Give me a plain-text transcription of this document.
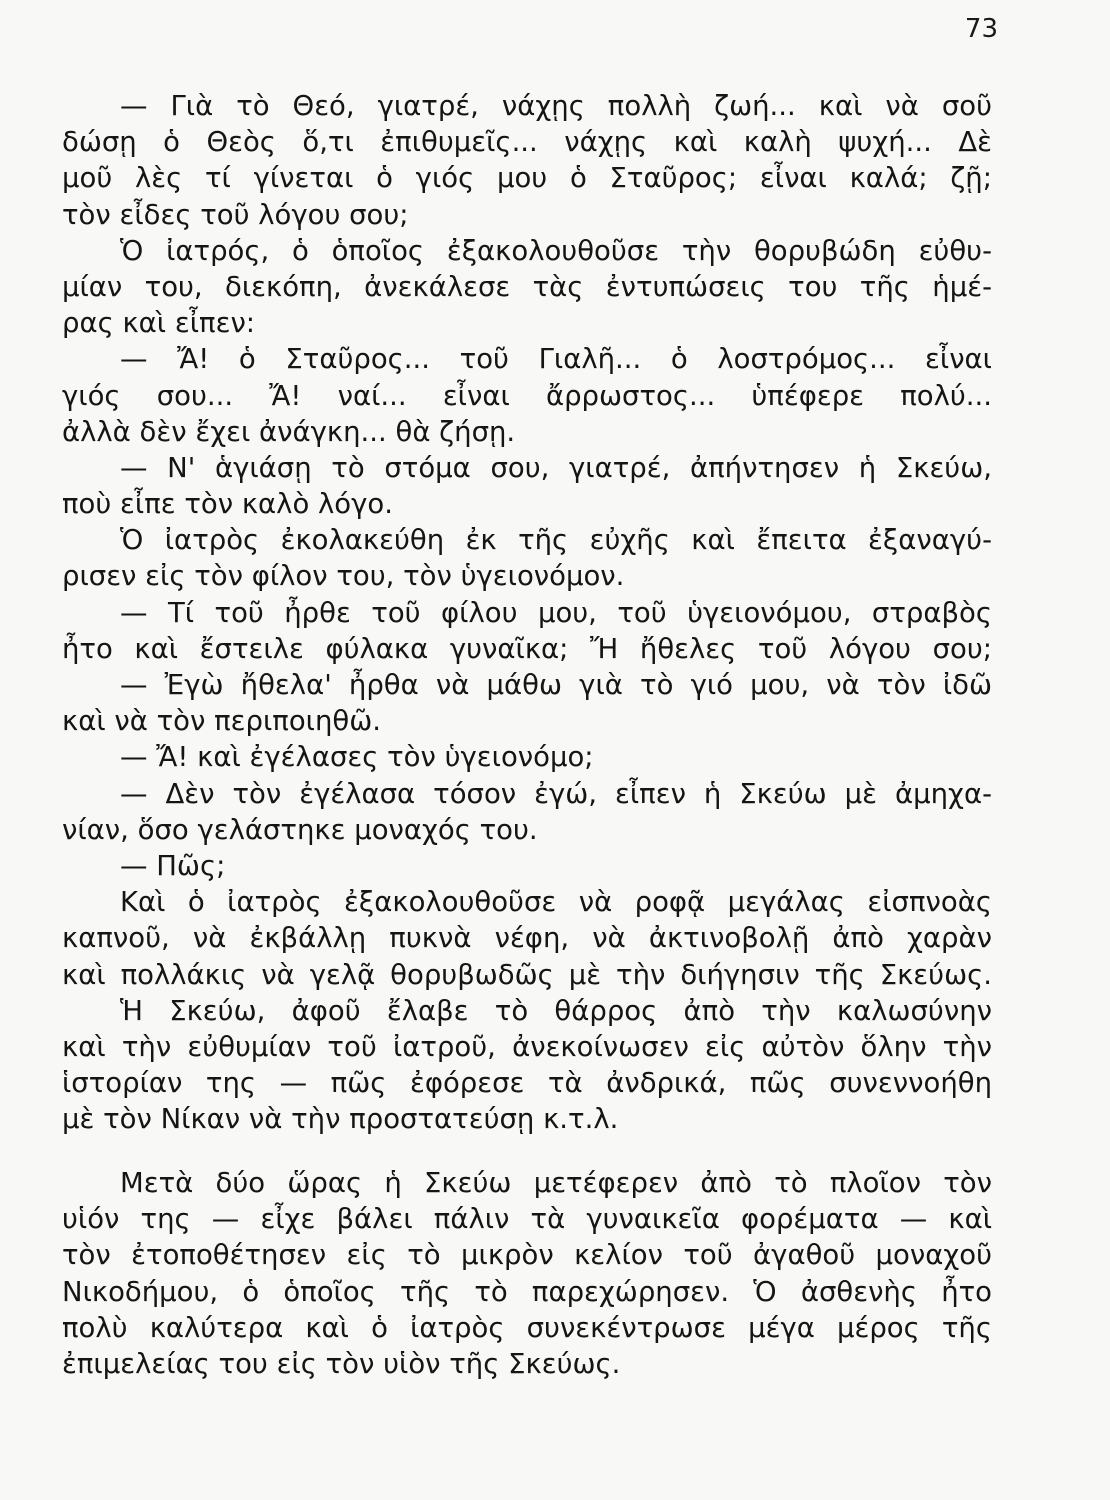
73
— Γιὰ τὸ Θεό, γιατρέ, νάχῃς πολλὴ ζωή... καὶ νὰ σοῦ
δώσῃ ὁ Θεὸς ὅ,τι ἐπιθυμεῖς... νάχῃς καὶ καλὴ ψυχή... Δὲ
μοῦ λὲς τί γίνεται ὁ γιός μου ὁ Σταῦρος; εἶναι καλά; ζῇ;
τὸν εἶδες τοῦ λόγου σου;
Ὁ ἰατρός, ὁ ὁποῖος ἐξακολουθοῦσε τὴν θορυβώδη εὐθυ-
μίαν του, διεκόπη, ἀνεκάλεσε τὰς ἐντυπώσεις του τῆς ἡμέ-
ρας καὶ εἶπεν:
— Ἄ! ὁ Σταῦρος... τοῦ Γιαλῆ... ὁ λοστρόμος... εἶναι
γιός σου... Ἄ! ναί... εἶναι ἄρρωστος... ὑπέφερε πολύ...
ἀλλὰ δὲν ἔχει ἀνάγκη... θὰ ζήσῃ.
— Ν' ἁγιάσῃ τὸ στόμα σου, γιατρέ, ἀπήντησεν ἡ Σκεύω,
ποὺ εἶπε τὸν καλὸ λόγο.
Ὁ ἰατρὸς ἐκολακεύθη ἐκ τῆς εὐχῆς καὶ ἔπειτα ἐξαναγύ-
ρισεν εἰς τὸν φίλον του, τὸν ὑγειονόμον.
— Τί τοῦ ἦρθε τοῦ φίλου μου, τοῦ ὑγειονόμου, στραβὸς
ἦτο καὶ ἔστειλε φύλακα γυναῖκα; Ἤ ἤθελες τοῦ λόγου σου;
— Ἐγὼ ἤθελα' ἦρθα νὰ μάθω γιὰ τὸ γιό μου, νὰ τὸν ἰδῶ
καὶ νὰ τὸν περιποιηθῶ.
— Ἄ! καὶ ἐγέλασες τὸν ὑγειονόμο;
— Δὲν τὸν ἐγέλασα τόσον ἐγώ, εἶπεν ἡ Σκεύω μὲ ἀμηχα-
νίαν, ὅσο γελάστηκε μοναχός του.
— Πῶς;
Καὶ ὁ ἰατρὸς ἐξακολουθοῦσε νὰ ροφᾷ μεγάλας εἰσπνοὰς
καπνοῦ, νὰ ἐκβάλλῃ πυκνὰ νέφη, νὰ ἀκτινοβολῇ ἀπὸ χαρὰν
καὶ πολλάκις νὰ γελᾷ θορυβωδῶς μὲ τὴν διήγησιν τῆς Σκεύως.
Ἡ Σκεύω, ἀφοῦ ἔλαβε τὸ θάρρος ἀπὸ τὴν καλωσύνην
καὶ τὴν εὐθυμίαν τοῦ ἰατροῦ, ἀνεκοίνωσεν εἰς αὐτὸν ὅλην τὴν
ἱστορίαν της — πῶς ἐφόρεσε τὰ ἀνδρικά, πῶς συνεννοήθη
μὲ τὸν Νίκαν νὰ τὴν προστατεύσῃ κ.τ.λ.
Μετὰ δύο ὥρας ἡ Σκεύω μετέφερεν ἀπὸ τὸ πλοῖον τὸν
υἱόν της — εἶχε βάλει πάλιν τὰ γυναικεῖα φορέματα — καὶ
τὸν ἐτοποθέτησεν εἰς τὸ μικρὸν κελίον τοῦ ἀγαθοῦ μοναχοῦ
Νικοδήμου, ὁ ὁποῖος τῆς τὸ παρεχώρησεν. Ὁ ἀσθενὴς ἦτο
πολὺ καλύτερα καὶ ὁ ἰατρὸς συνεκέντρωσε μέγα μέρος τῆς
ἐπιμελείας του εἰς τὸν υἱὸν τῆς Σκεύως.
